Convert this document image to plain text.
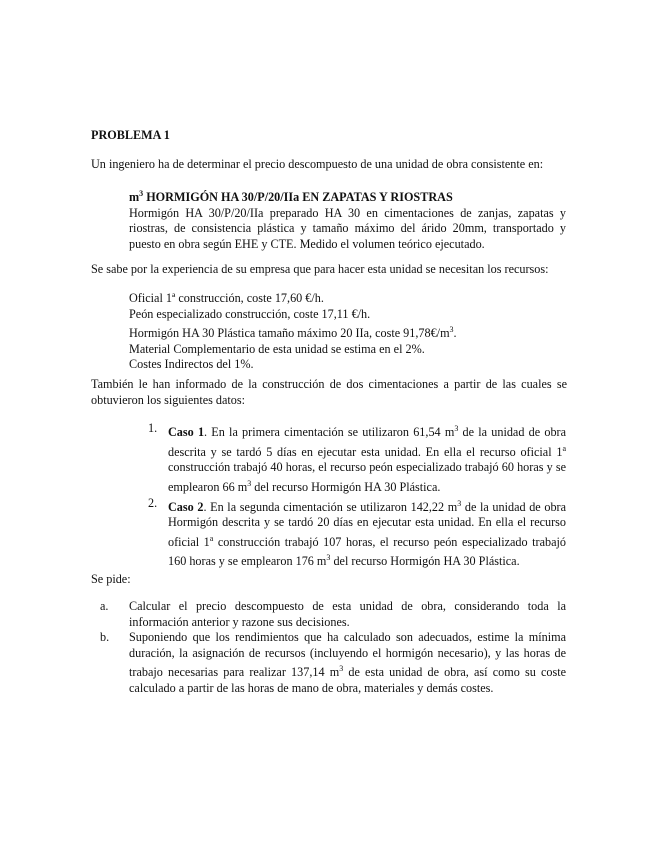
PROBLEMA 1

Un ingeniero ha de determinar el precio descompuesto de una unidad de obra consistente en:

$m^3$ HORMIGÓN HA 30/P/20/IIa EN ZAPATAS Y RIOSTRAS

Hormigón HA 30/P/20/IIa preparado HA 30 en cimentaciones de zanjas, zapatas y riostras, de consistencia plástica y tamaño máximo del árido 20mm, transportado y puesto en obra según EHE y CTE. Medido el volumen teórico ejecutado.

Se sabe por la experiencia de su empresa que para hacer esta unidad se necesitan los recursos:

Oficial 1ª construcción, coste 17,60 €/h.
Peón especializado construcción, coste 17,11 €/h.
Hormigón HA 30 Plástica tamaño máximo 20 IIa, coste $91,78€/m^3$.
Material Complementario de esta unidad se estima en el 2%.
Costes Indirectos del 1%.

También le han informado de la construcción de dos cimentaciones a partir de las cuales se obtuvieron los siguientes datos:

1. Caso 1. En la primera cimentación se utilizaron 61,54 $m^3$ de la unidad de obra descrita y se tardó 5 días en ejecutar esta unidad. En ella el recurso oficial 1$^a$ construcción trabajó 40 horas, el recurso peón especializado trabajó 60 horas y se emplearon 66 $m^3$ del recurso Hormigón HA 30 Plástica.

2. Caso 2. En la segunda cimentación se utilizaron 142,22 $m^3$ de la unidad de obra Hormigón descrita y se tardó 20 días en ejecutar esta unidad. En ella el recurso oficial 1$^a$ construcción trabajó 107 horas, el recurso peón especializado trabajó 160 horas y se emplearon 176 $m^3$ del recurso Hormigón HA 30 Plástica.

Se pide:

a. Calcular el precio descompuesto de esta unidad de obra, considerando toda la información anterior y razone sus decisiones.

b. Suponiendo que los rendimientos que ha calculado son adecuados, estime la mínima duración, la asignación de recursos (incluyendo el hormigón necesario), y las horas de trabajo necesarias para realizar 137,14 $m^3$ de esta unidad de obra, así como su coste calculado a partir de las horas de mano de obra, materiales y demás costes.
